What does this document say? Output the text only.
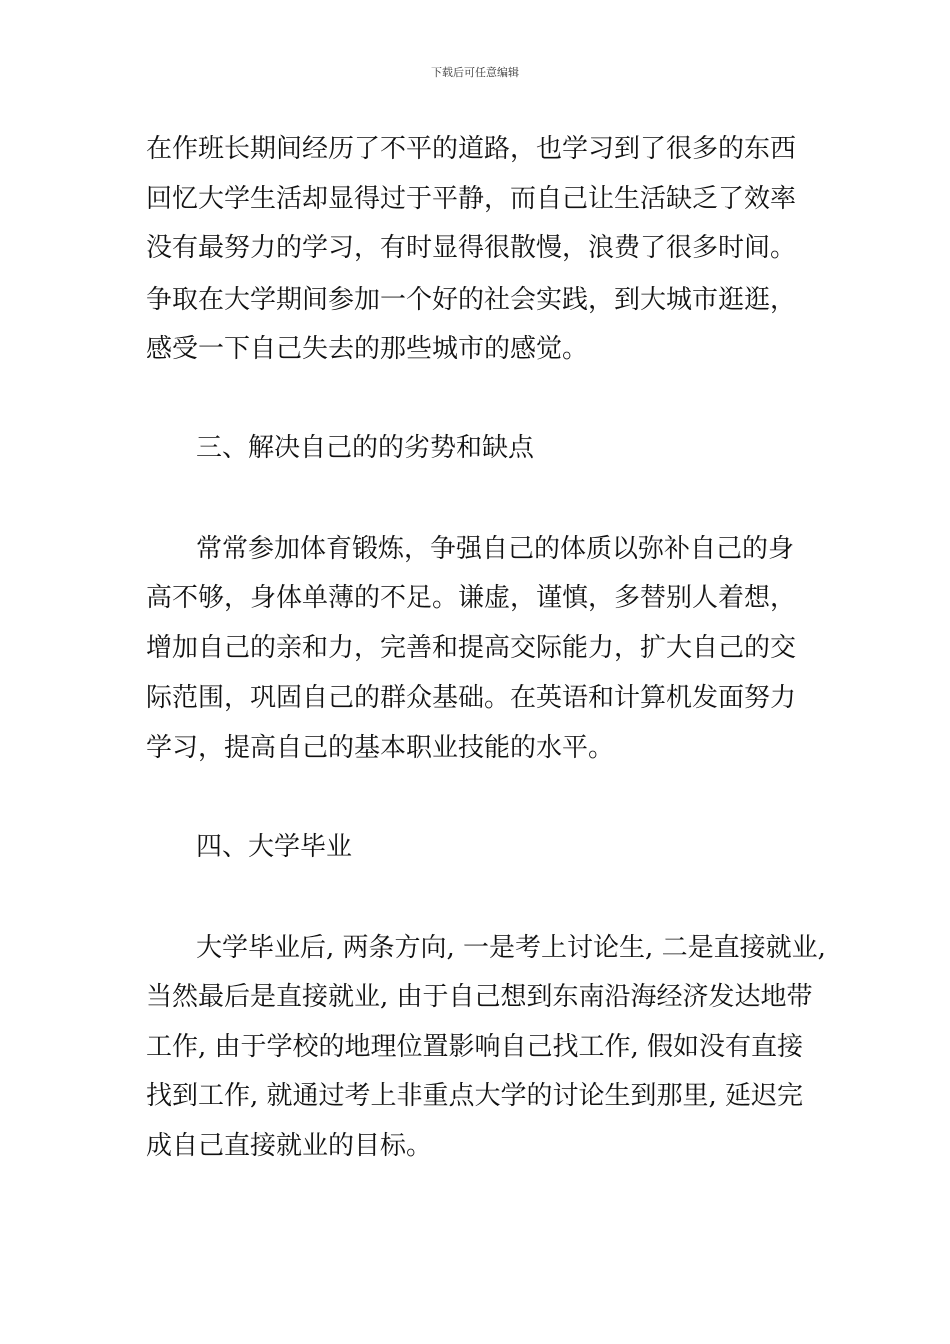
下载后可任意编辑
在作班长期间经历了不平的道路，也学习到了很多的东西
回忆大学生活却显得过于平静，而自己让生活缺乏了效率
没有最努力的学习，有时显得很散慢，浪费了很多时间。
争取在大学期间参加一个好的社会实践，到大城市逛逛，
感受一下自己失去的那些城市的感觉。
三、解决自己的的劣势和缺点
常常参加体育锻炼，争强自己的体质以弥补自己的身
高不够，身体单薄的不足。谦虚，谨慎，多替别人着想，
增加自己的亲和力，完善和提高交际能力，扩大自己的交
际范围，巩固自己的群众基础。在英语和计算机发面努力
学习，提高自己的基本职业技能的水平。
四、大学毕业
大学毕业后, 两条方向, 一是考上讨论生, 二是直接就业,
当然最后是直接就业, 由于自己想到东南沿海经济发达地带
工作, 由于学校的地理位置影响自己找工作, 假如没有直接
找到工作, 就通过考上非重点大学的讨论生到那里, 延迟完
成自己直接就业的目标。
